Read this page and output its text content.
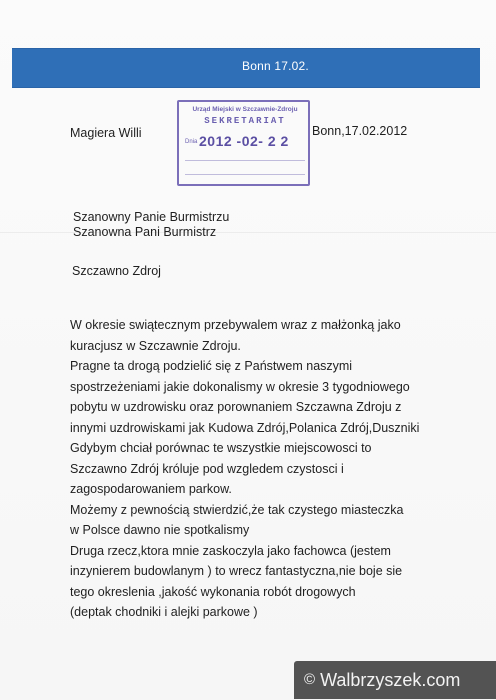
Bonn 17.02.
Magiera Willi
Urząd Miejski w Szczawnie-Zdroju
SEKRETARIAT
Dnia 2012 -02- 2 2
Bonn,17.02.2012
Szanowny Panie Burmistrzu
Szanowna Pani Burmistrz
Szczawno Zdroj

W okresie swiątecznym przebywalem wraz z małżonką jako

kuracjusz w Szczawnie Zdroju.

Pragne ta drogą podzielić się z Państwem naszymi

spostrzeżeniami jakie dokonalismy w okresie 3 tygodniowego

pobytu w uzdrowisku oraz porownaniem Szczawna Zdroju z

innymi uzdrowiskami jak Kudowa Zdrój,Polanica Zdrój,Duszniki

Gdybym chciał porównac te wszystkie miejscowosci to

Szczawno Zdrój króluje pod wzgledem czystosci i

zagospodarowaniem parkow.

Możemy z pewnością stwierdzić,że tak czystego miasteczka

w Polsce dawno nie spotkalismy

Druga rzecz,ktora mnie zaskoczyla jako fachowca (jestem

inzynierem budowlanym ) to wrecz fantastyczna,nie boje sie

tego okreslenia ,jakość wykonania robót drogowych

(deptak chodniki i alejki parkowe )

© Walbrzyszek.com
